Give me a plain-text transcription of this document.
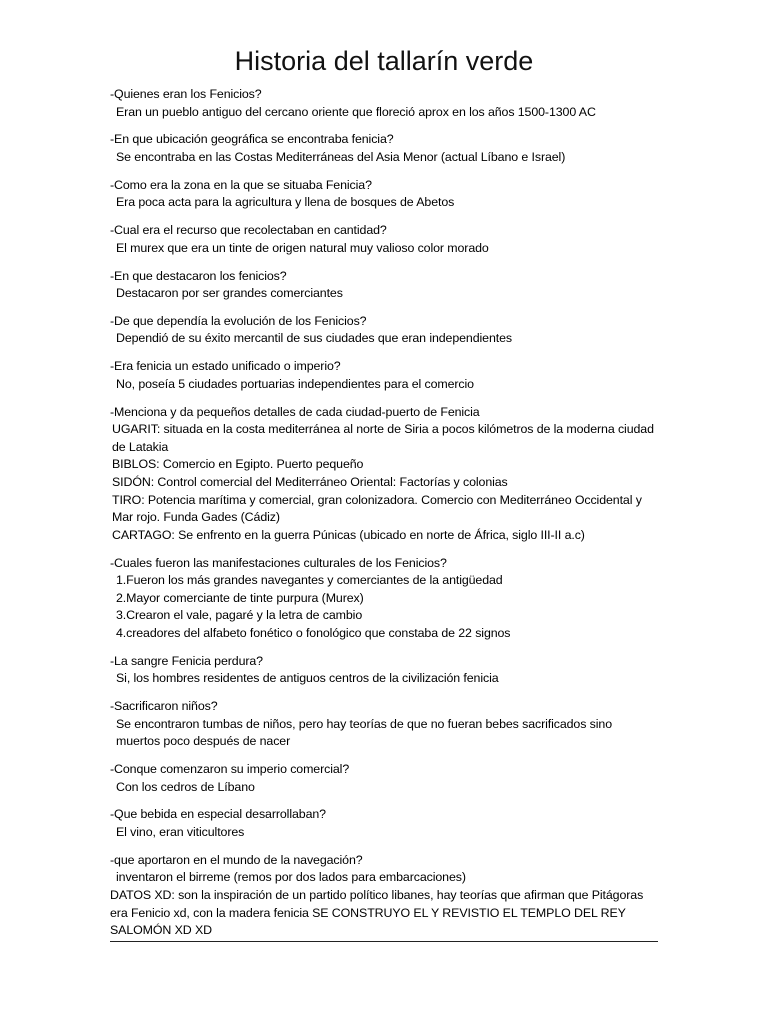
Historia del tallarín verde

-Quienes eran los Fenicios?
Eran un pueblo antiguo del cercano oriente que floreció aprox en los años 1500-1300 AC

-En que ubicación geográfica se encontraba fenicia?
Se encontraba en las Costas Mediterráneas del Asia Menor (actual Líbano e Israel)

-Como era la zona en la que se situaba Fenicia?
Era poca acta para la agricultura y llena de bosques de Abetos

-Cual era el recurso que recolectaban en cantidad?
El murex que era un tinte de origen natural muy valioso color morado

-En que destacaron los fenicios?
Destacaron por ser grandes comerciantes

-De que dependía la evolución de los Fenicios?
Dependió de su éxito mercantil de sus ciudades que eran independientes

-Era fenicia un estado unificado o imperio?
No, poseía 5 ciudades portuarias independientes para el comercio

-Menciona y da pequeños detalles de cada ciudad-puerto de Fenicia
UGARIT: situada en la costa mediterránea al norte de Siria a pocos kilómetros de la moderna ciudad de Latakia
BIBLOS: Comercio en Egipto. Puerto pequeño
SIDÓN: Control comercial del Mediterráneo Oriental: Factorías y colonias
TIRO: Potencia marítima y comercial, gran colonizadora. Comercio con Mediterráneo Occidental y Mar rojo. Funda Gades (Cádiz)
CARTAGO: Se enfrento en la guerra Púnicas (ubicado en norte de África, siglo III-II a.c)

-Cuales fueron las manifestaciones culturales de los Fenicios?
1.Fueron los más grandes navegantes y comerciantes de la antigüedad
2.Mayor comerciante de tinte purpura (Murex)
3.Crearon el vale, pagaré y la letra de cambio
4.creadores del alfabeto fonético o fonológico que constaba de 22 signos

-La sangre Fenicia perdura?
Si, los hombres residentes de antiguos centros de la civilización fenicia

-Sacrificaron niños?
Se encontraron tumbas de niños, pero hay teorías de que no fueran bebes sacrificados sino muertos poco después de nacer

-Conque comenzaron su imperio comercial?
Con los cedros de Líbano

-Que bebida en especial desarrollaban?
El vino, eran viticultores

-que aportaron en el mundo de la navegación?
inventaron el birreme (remos por dos lados para embarcaciones)
DATOS XD: son la inspiración de un partido político libanes, hay teorías que afirman que Pitágoras era Fenicio xd, con la madera fenicia SE CONSTRUYO EL Y REVISTIO EL TEMPLO DEL REY SALOMÓN XD XD
